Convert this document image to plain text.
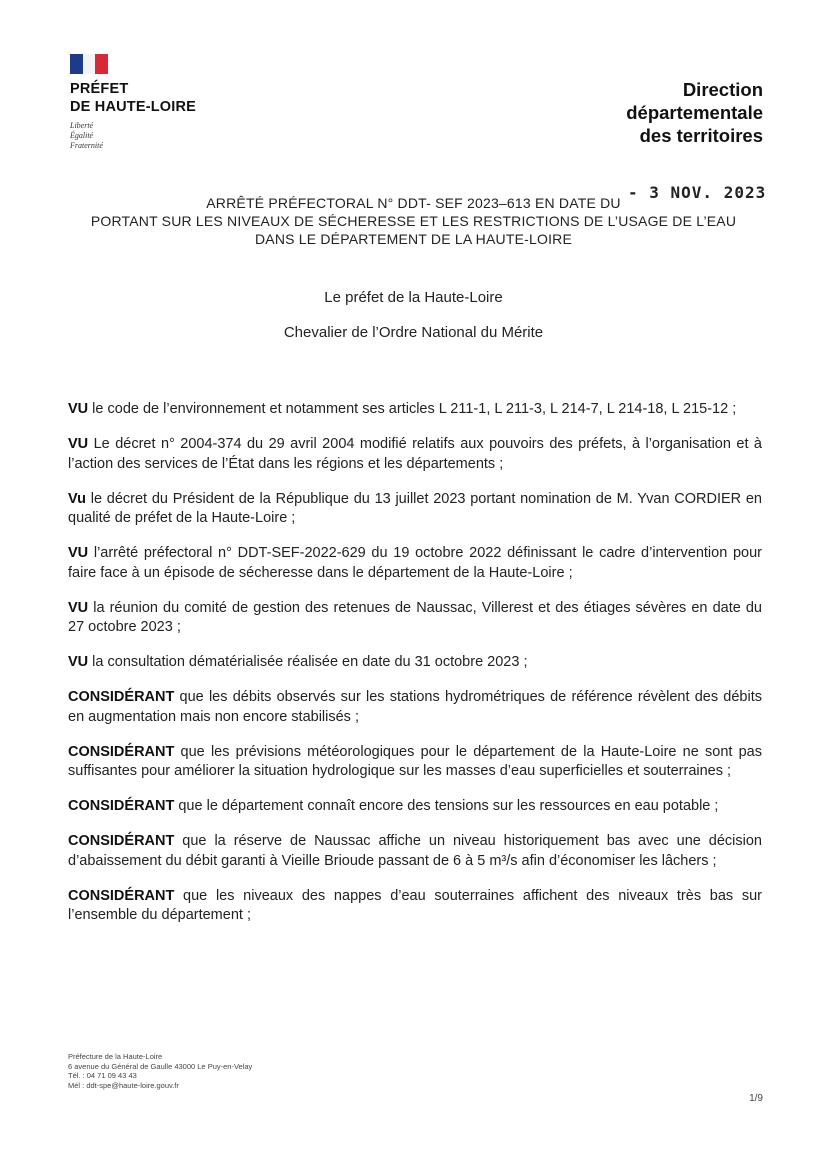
PRÉFET
DE HAUTE-LOIRE
Liberté
Égalité
Fraternité
Direction
départementale
des territoires
- 3 NOV. 2023
ARRÊTÉ PRÉFECTORAL N° DDT- SEF 2023–613 EN DATE DU
PORTANT SUR LES NIVEAUX DE SÉCHERESSE ET LES RESTRICTIONS DE L’USAGE DE L’EAU
DANS LE DÉPARTEMENT DE LA HAUTE-LOIRE
Le préfet de la Haute-Loire
Chevalier de l’Ordre National du Mérite

VU le code de l’environnement et notamment ses articles L 211-1, L 211-3, L 214-7, L 214-18, L 215-12 ;

VU Le décret n° 2004-374 du 29 avril 2004 modifié relatifs aux pouvoirs des préfets, à l’organisation et à l’action des services de l’État dans les régions et les départements ;

Vu le décret du Président de la République du 13 juillet 2023 portant nomination de M. Yvan CORDIER en qualité de préfet de la Haute-Loire ;

VU l’arrêté préfectoral n° DDT-SEF-2022-629 du 19 octobre 2022 définissant le cadre d’intervention pour faire face à un épisode de sécheresse dans le département de la Haute-Loire ;

VU la réunion du comité de gestion des retenues de Naussac, Villerest et des étiages sévères en date du 27 octobre 2023 ;

VU la consultation dématérialisée réalisée en date du 31 octobre 2023 ;

CONSIDÉRANT que les débits observés sur les stations hydrométriques de référence révèlent des débits en augmentation mais non encore stabilisés ;

CONSIDÉRANT que les prévisions météorologiques pour le département de la Haute-Loire ne sont pas suffisantes pour améliorer la situation hydrologique sur les masses d’eau superficielles et souterraines ;

CONSIDÉRANT que le département connaît encore des tensions sur les ressources en eau potable ;

CONSIDÉRANT que la réserve de Naussac affiche un niveau historiquement bas avec une décision d’abaissement du débit garanti à Vieille Brioude passant de 6 à 5 m³/s afin d’économiser les lâchers ;

CONSIDÉRANT que les niveaux des nappes d’eau souterraines affichent des niveaux très bas sur l’ensemble du département ;

Préfecture de la Haute-Loire
6 avenue du Général de Gaulle 43000 Le Puy-en-Velay
Tél. : 04 71 09 43 43
Mél : ddt-spe@haute-loire.gouv.fr
1/9
